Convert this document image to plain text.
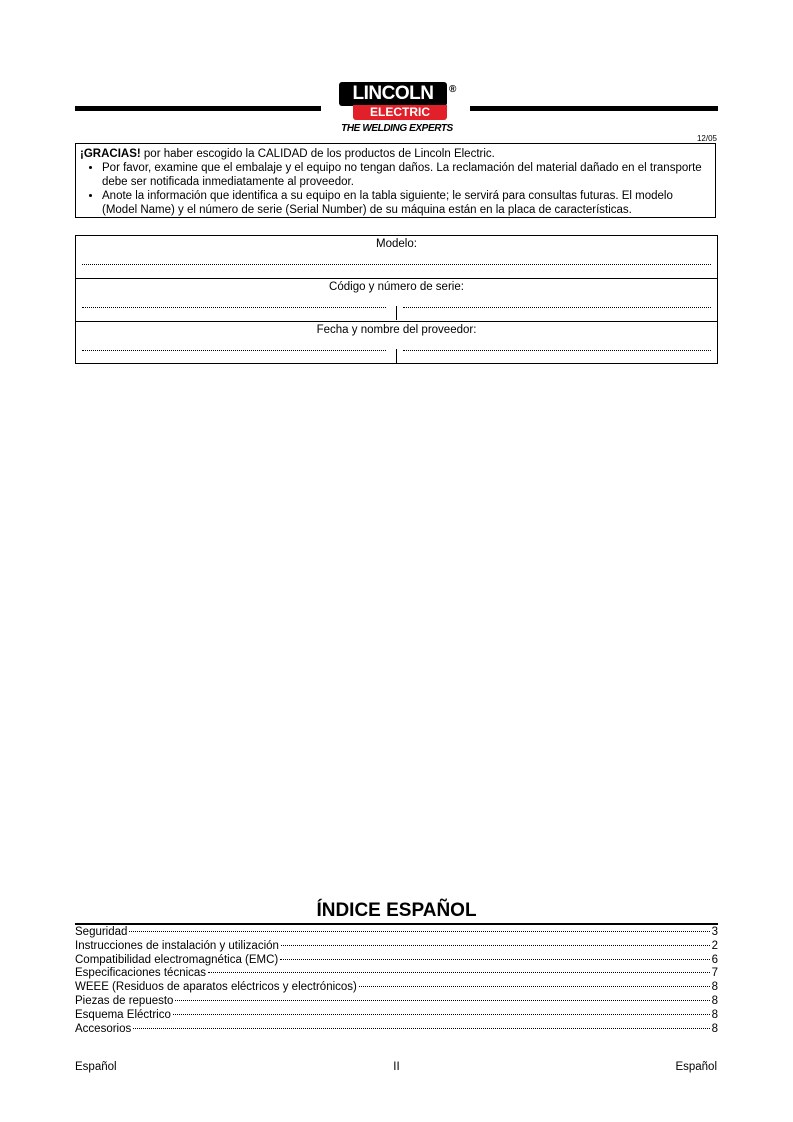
LINCOLN	®
ELECTRIC
THE WELDING EXPERTS
12/05
¡GRACIAS! por haber escogido la CALIDAD de los productos de Lincoln Electric.
• Por favor, examine que el embalaje y el equipo no tengan daños. La reclamación del material dañado en el transporte debe ser notificada inmediatamente al proveedor.
• Anote la información que identifica a su equipo en la tabla siguiente; le servirá para consultas futuras. El modelo (Model Name) y el número de serie (Serial Number) de su máquina están en la placa de características.
Modelo:
Código y número de serie:
Fecha y nombre del proveedor:
ÍNDICE ESPAÑOL
Seguridad	3
Instrucciones de instalación y utilización	2
Compatibilidad electromagnética (EMC)	6
Especificaciones técnicas	7
WEEE (Residuos de aparatos eléctricos y electrónicos)	8
Piezas de repuesto	8
Esquema Eléctrico	8
Accesorios	8
Español	II	Español
